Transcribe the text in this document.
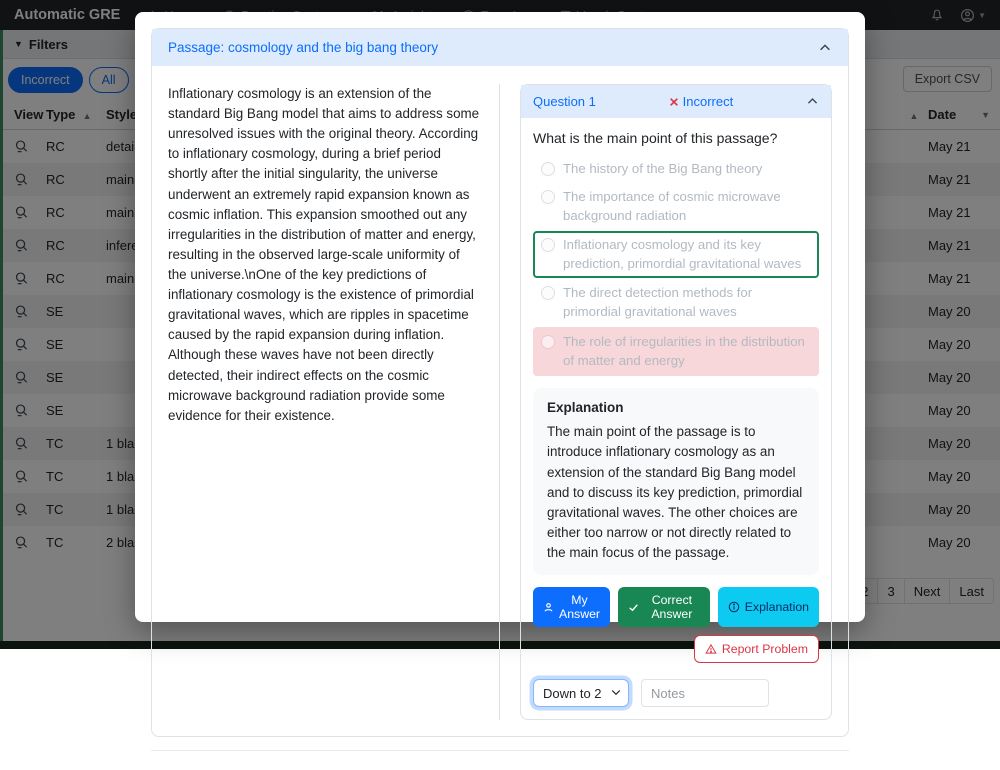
Passage: cosmology and the big bang theory
Inflationary cosmology is an extension of the standard Big Bang model that aims to address some unresolved issues with the original theory. According to inflationary cosmology, during a brief period shortly after the initial singularity, the universe underwent an extremely rapid expansion known as cosmic inflation. This expansion smoothed out any irregularities in the distribution of matter and energy, resulting in the observed large-scale uniformity of the universe.\nOne of the key predictions of inflationary cosmology is the existence of primordial gravitational waves, which are ripples in spacetime caused by the rapid expansion during inflation. Although these waves have not been directly detected, their indirect effects on the cosmic microwave background radiation provide some evidence for their existence.
Question 1	Incorrect
What is the main point of this passage?
The history of the Big Bang theory
The importance of cosmic microwave background radiation
Inflationary cosmology and its key prediction, primordial gravitational waves
The direct detection methods for primordial gravitational waves
The role of irregularities in the distribution of matter and energy
Explanation
The main point of the passage is to introduce inflationary cosmology as an extension of the standard Big Bang model and to discuss its key prediction, primordial gravitational waves. The other choices are either too narrow or not directly related to the main focus of the passage.
My Answer
Correct Answer	Explanation
Report Problem
Down to 2
Notes
